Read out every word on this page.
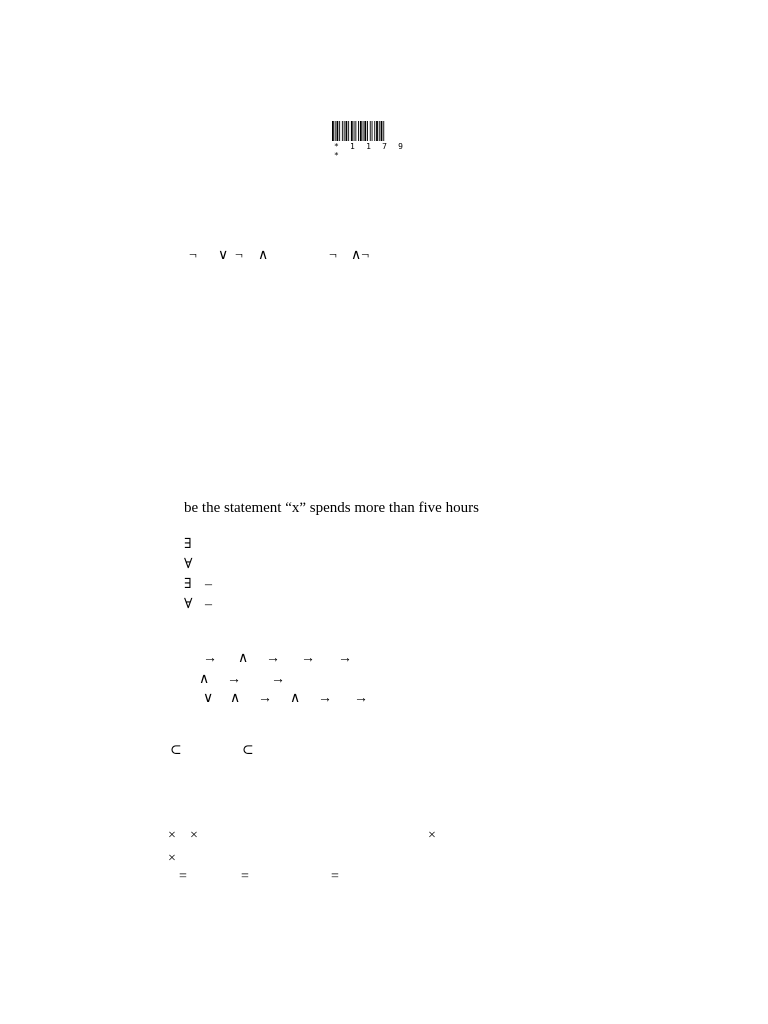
* 1 1 7 9 *
¬ ∨ ¬ ∧	¬ ∧¬
be the statement “x” spends more than five hours
∃
∀
∃ –
∀ –
→ ∧ → → →
∧ → →
∨ ∧ → ∧ → →
⊂	⊂
× ×	×
×
=	=	=
